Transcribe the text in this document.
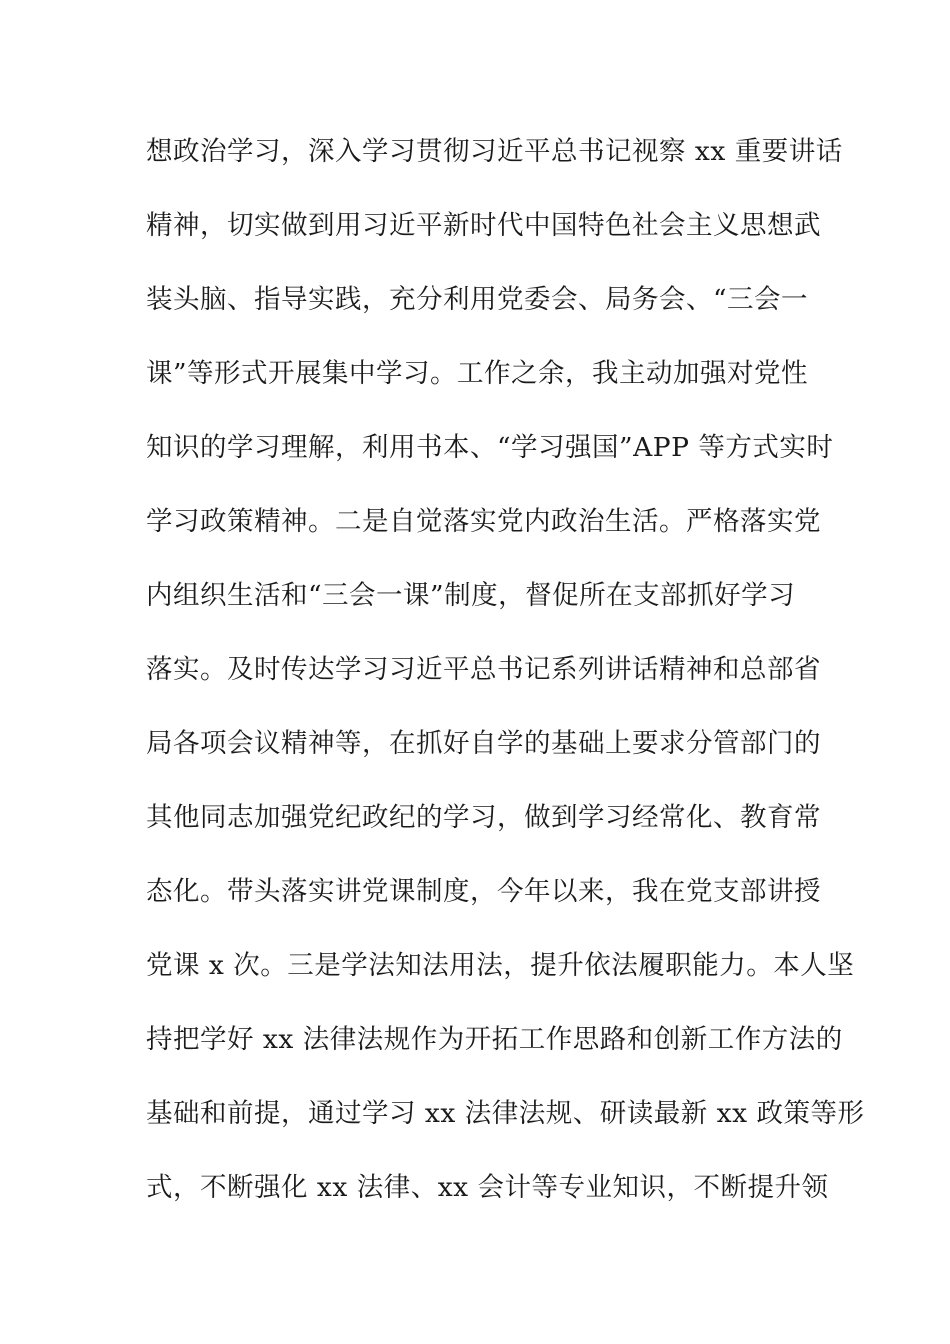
想政治学习，深入学习贯彻习近平总书记视察 xx 重要讲话
精神，切实做到用习近平新时代中国特色社会主义思想武
装头脑、指导实践，充分利用党委会、局务会、“三会一
课”等形式开展集中学习。工作之余，我主动加强对党性
知识的学习理解，利用书本、“学习强国”APP 等方式实时
学习政策精神。二是自觉落实党内政治生活。严格落实党
内组织生活和“三会一课”制度，督促所在支部抓好学习
落实。及时传达学习习近平总书记系列讲话精神和总部省
局各项会议精神等，在抓好自学的基础上要求分管部门的
其他同志加强党纪政纪的学习，做到学习经常化、教育常
态化。带头落实讲党课制度，今年以来，我在党支部讲授
党课 x 次。三是学法知法用法，提升依法履职能力。本人坚
持把学好 xx 法律法规作为开拓工作思路和创新工作方法的
基础和前提，通过学习 xx 法律法规、研读最新 xx 政策等形
式，不断强化 xx 法律、xx 会计等专业知识，不断提升领
